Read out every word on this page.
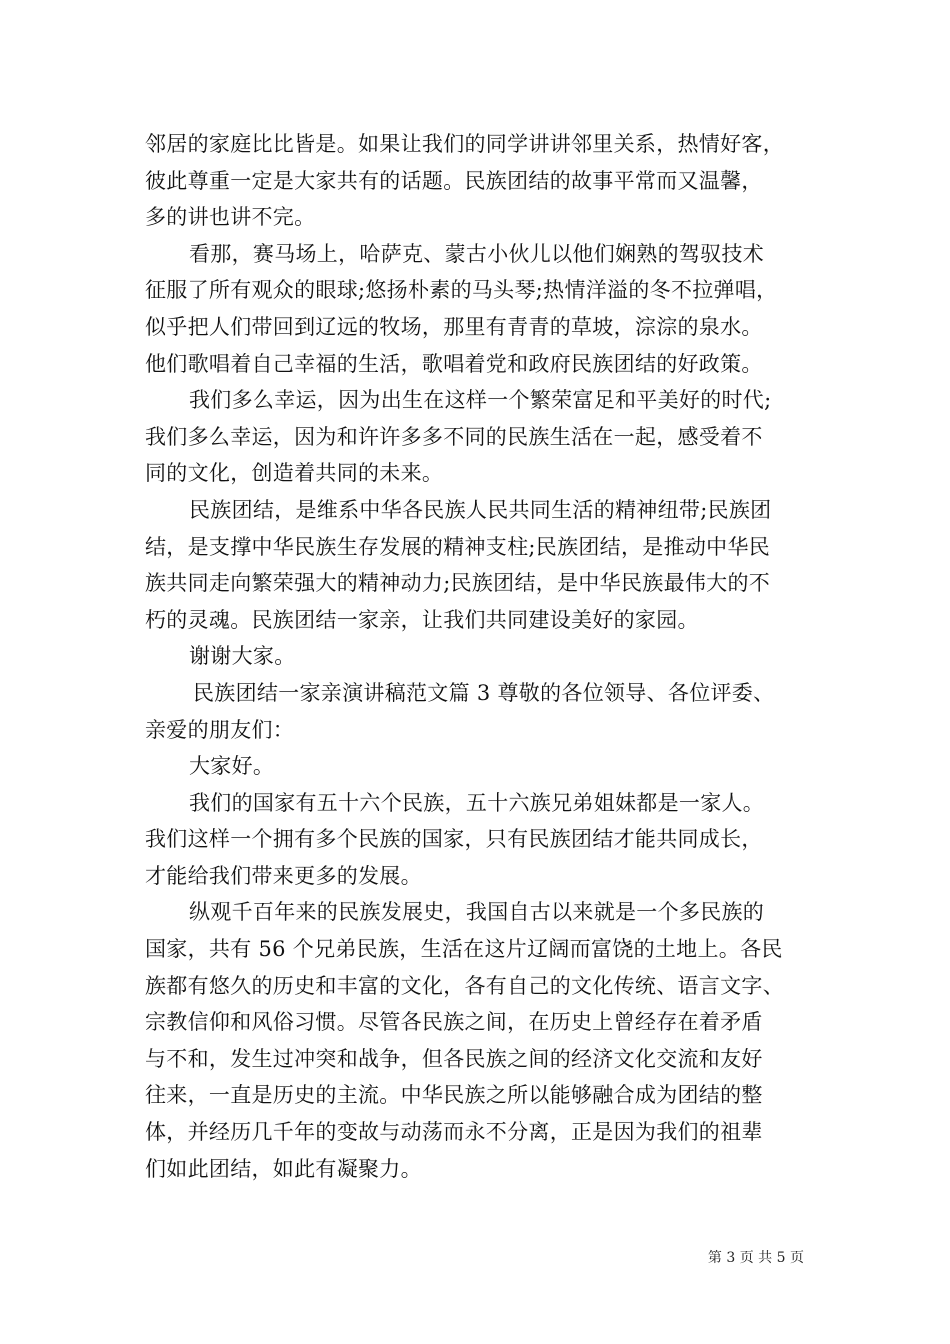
邻居的家庭比比皆是。如果让我们的同学讲讲邻里关系，热情好客，
彼此尊重一定是大家共有的话题。民族团结的故事平常而又温馨，
多的讲也讲不完。
看那，赛马场上，哈萨克、蒙古小伙儿以他们娴熟的驾驭技术
征服了所有观众的眼球;悠扬朴素的马头琴;热情洋溢的冬不拉弹唱，
似乎把人们带回到辽远的牧场，那里有青青的草坡，淙淙的泉水。
他们歌唱着自己幸福的生活，歌唱着党和政府民族团结的好政策。
我们多么幸运，因为出生在这样一个繁荣富足和平美好的时代;
我们多么幸运，因为和许许多多不同的民族生活在一起，感受着不
同的文化，创造着共同的未来。
民族团结，是维系中华各民族人民共同生活的精神纽带;民族团
结，是支撑中华民族生存发展的精神支柱;民族团结，是推动中华民
族共同走向繁荣强大的精神动力;民族团结，是中华民族最伟大的不
朽的灵魂。民族团结一家亲，让我们共同建设美好的家园。
谢谢大家。
民族团结一家亲演讲稿范文篇 3 尊敬的各位领导、各位评委、
亲爱的朋友们：
大家好。
我们的国家有五十六个民族，五十六族兄弟姐妹都是一家人。
我们这样一个拥有多个民族的国家，只有民族团结才能共同成长，
才能给我们带来更多的发展。
纵观千百年来的民族发展史，我国自古以来就是一个多民族的
国家，共有 56 个兄弟民族，生活在这片辽阔而富饶的土地上。各民
族都有悠久的历史和丰富的文化，各有自己的文化传统、语言文字、
宗教信仰和风俗习惯。尽管各民族之间，在历史上曾经存在着矛盾
与不和，发生过冲突和战争，但各民族之间的经济文化交流和友好
往来，一直是历史的主流。中华民族之所以能够融合成为团结的整
体，并经历几千年的变故与动荡而永不分离，正是因为我们的祖辈
们如此团结，如此有凝聚力。
第 3 页 共 5 页
